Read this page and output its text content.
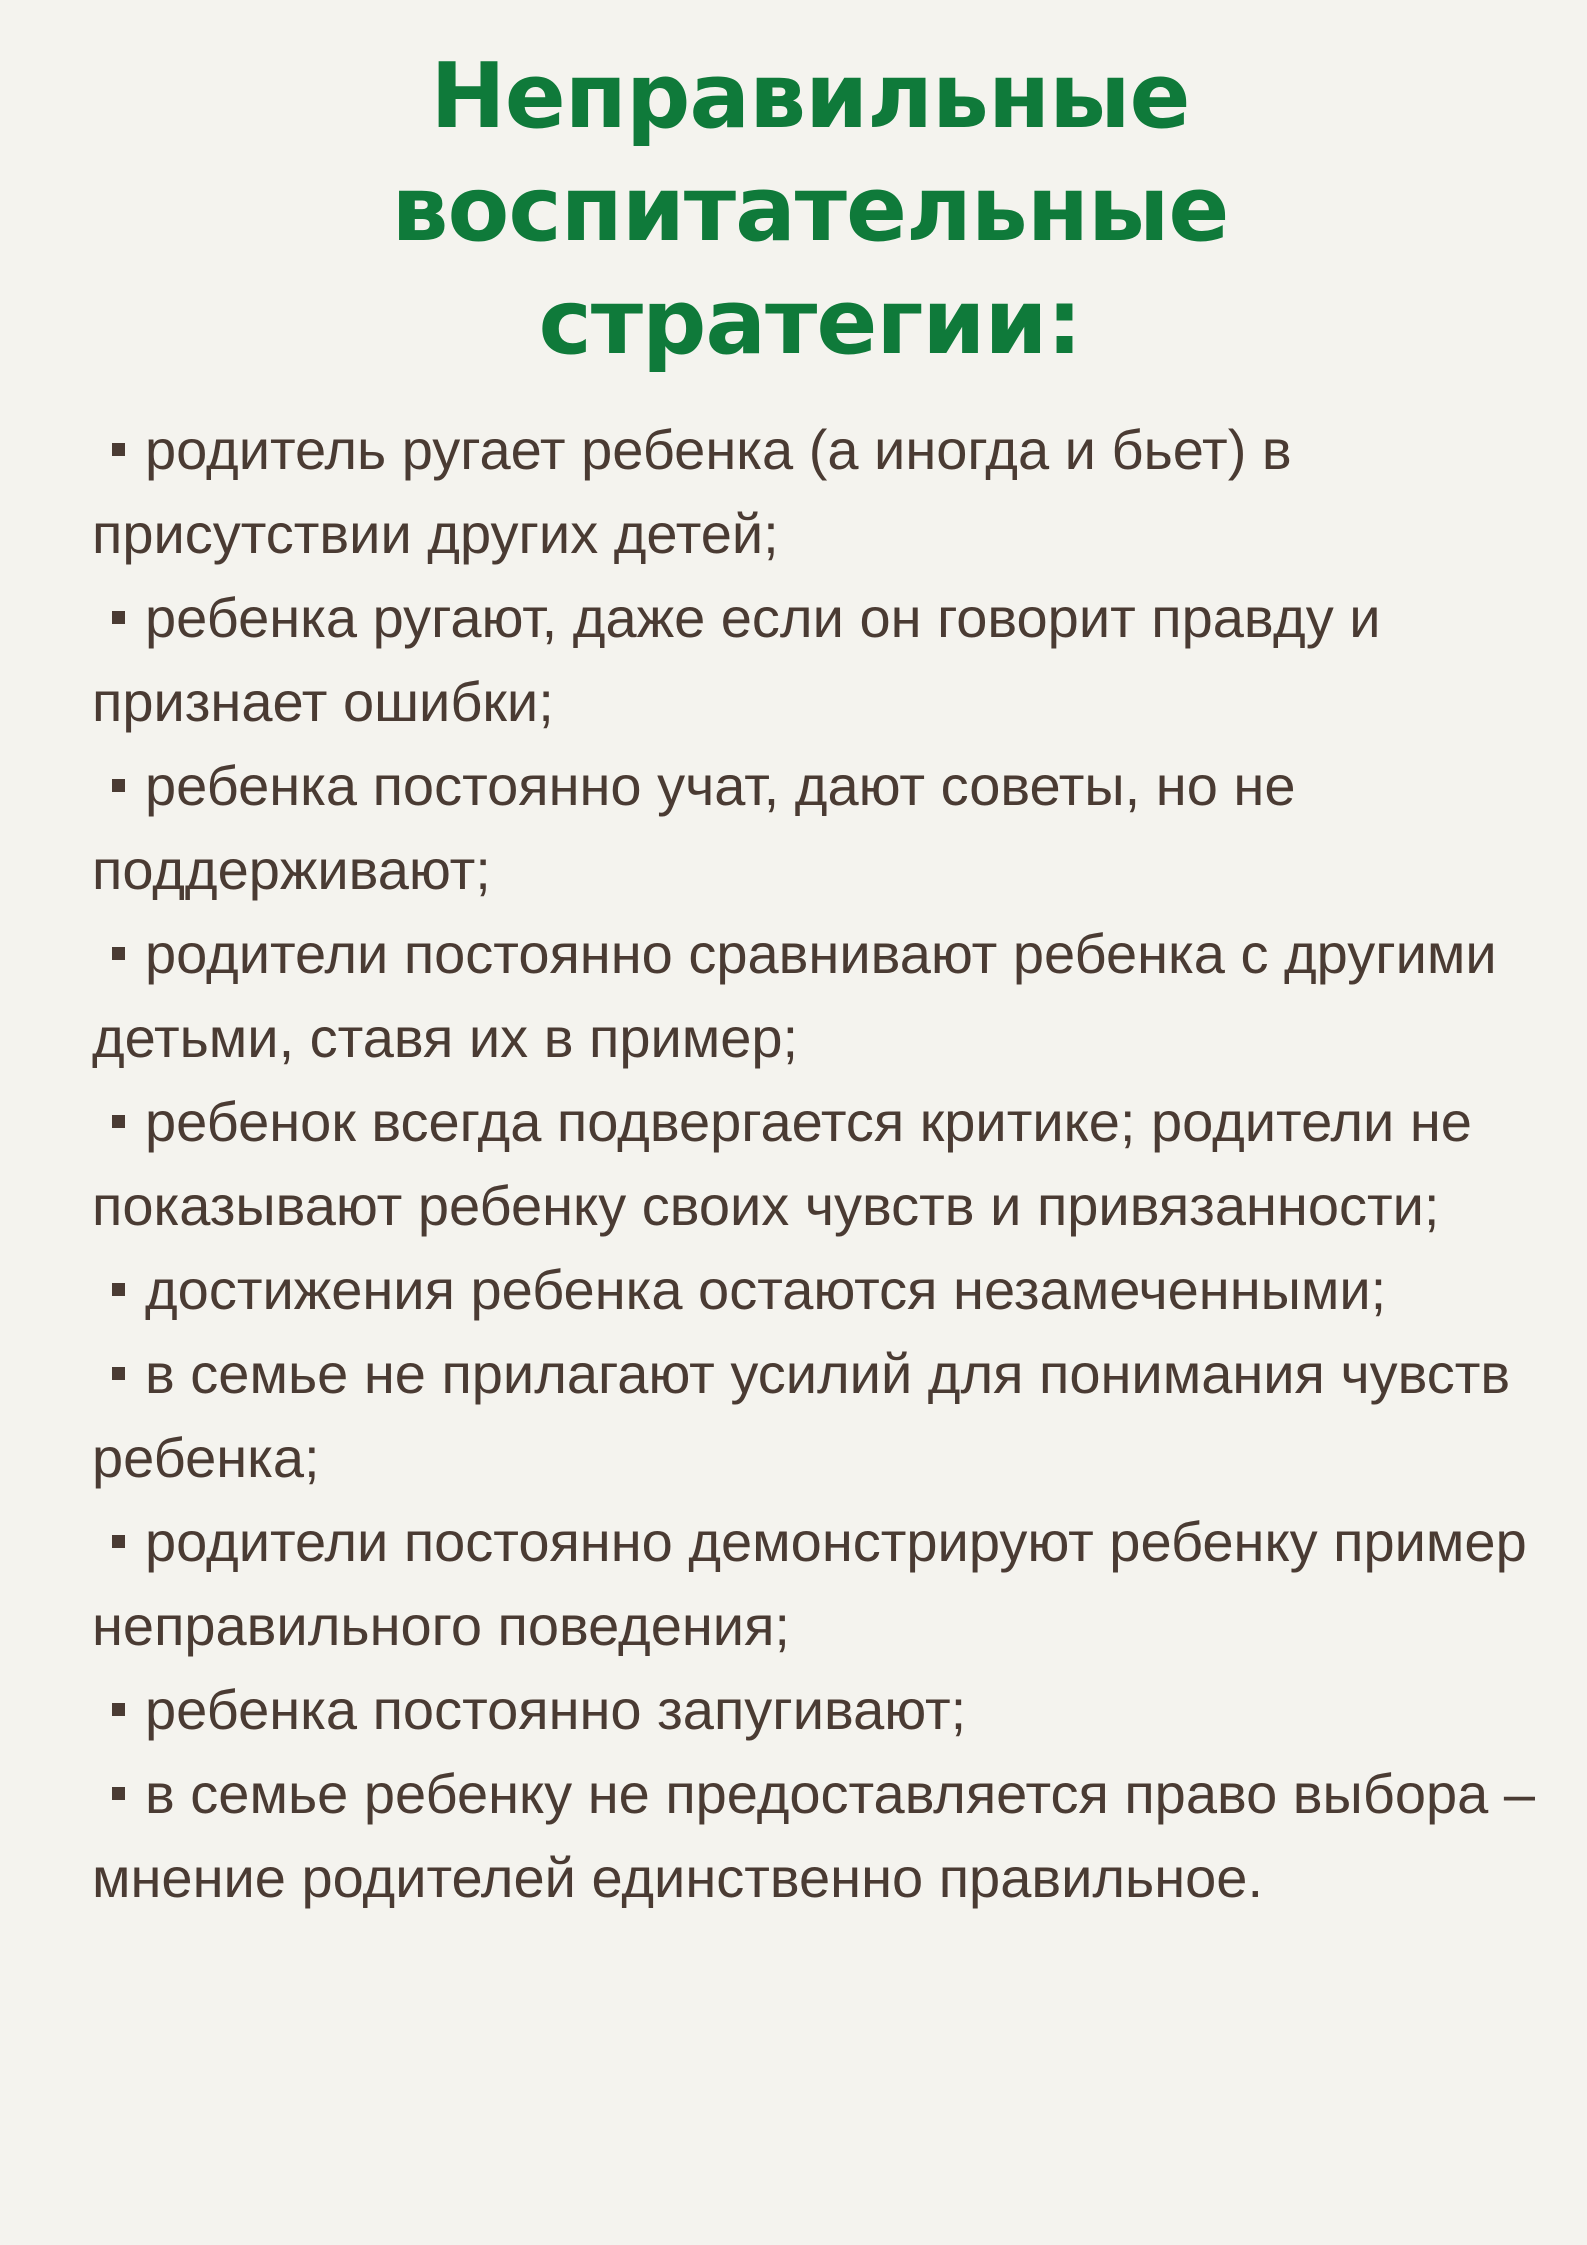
Неправильные
воспитательные
стратегии:

родитель ругает ребенка (а иногда и бьет) в присутствии других детей;

ребенка ругают, даже если он говорит правду и признает ошибки;

ребенка постоянно учат, дают советы, но не поддерживают;

родители постоянно сравнивают ребенка с другими детьми, ставя их в пример;

ребенок всегда подвергается критике; родители не показывают ребенку своих чувств и привязанности;

достижения ребенка остаются незамеченными;

в семье не прилагают усилий для понимания чувств ребенка;

родители постоянно демонстрируют ребенку пример неправильного поведения;

ребенка постоянно запугивают;

в семье ребенку не предоставляется право выбора – мнение родителей единственно правильное.
